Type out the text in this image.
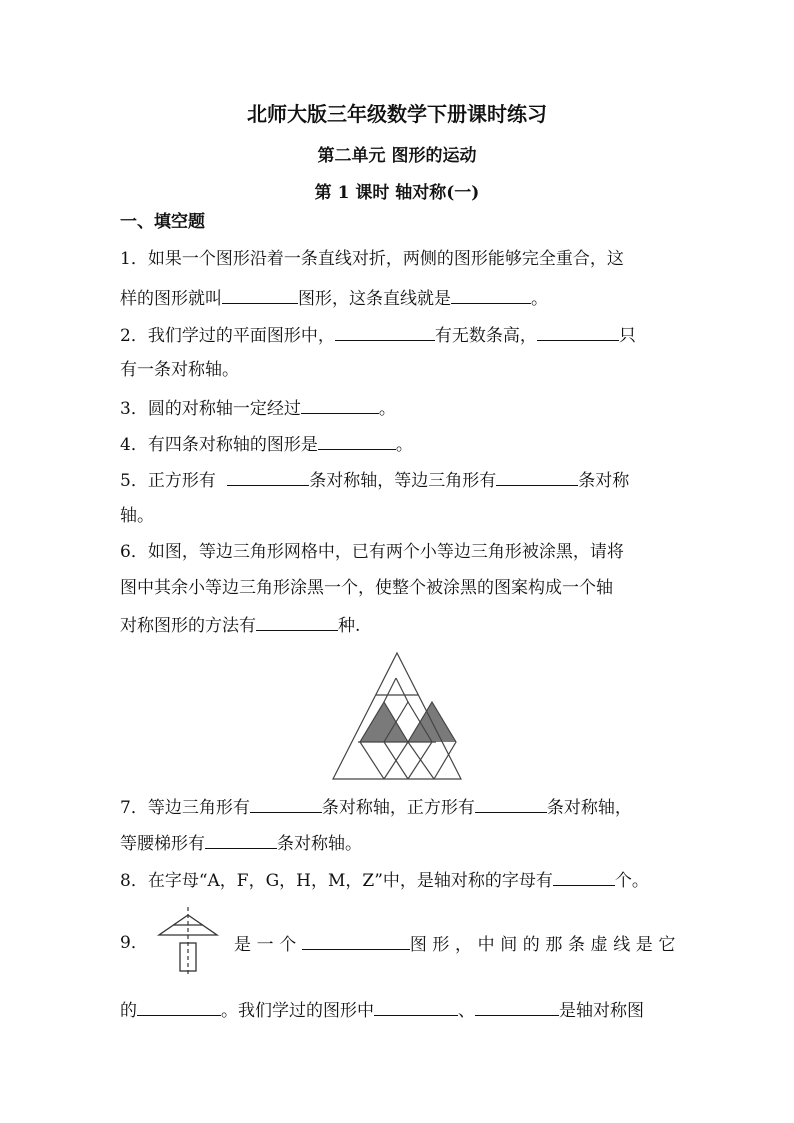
北师大版三年级数学下册课时练习
第二单元 图形的运动
第 1 课时 轴对称(一)
一、填空题
1．如果一个图形沿着一条直线对折，两侧的图形能够完全重合，这
样的图形就叫	图形，这条直线就是	。
2．我们学过的平面图形中，	有无数条高，	只
有一条对称轴。
3．圆的对称轴一定经过	。
4．有四条对称轴的图形是	。
5．正方形有	条对称轴，等边三角形有	条对称
轴。
6．如图，等边三角形网格中，已有两个小等边三角形被涂黑，请将
图中其余小等边三角形涂黑一个，使整个被涂黑的图案构成一个轴
对称图形的方法有	种.
7．等边三角形有	条对称轴，正方形有	条对称轴，
等腰梯形有	条对称轴。
8．在字母“A，F，G，H，M，Z”中，是轴对称的字母有	个。
9．	是一个	图形，中间的那条虚线是它
的	。我们学过的图形中	、	是轴对称图
